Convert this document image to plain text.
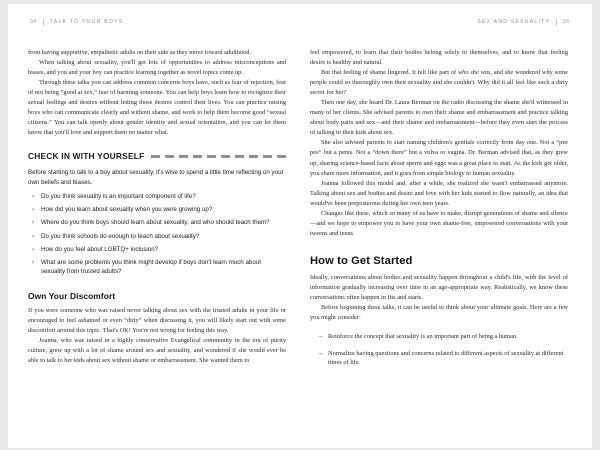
94	TALK TO YOUR BOYS	SEX AND SEXUALITY	95

from having supportive, empathetic adults on their side as they move toward adulthood.

When talking about sexuality, you'll get lots of opportunities to address misconceptions and biases, and you and your boy can practice learning together as novel topics come up.

Through these talks you can address common concerns boys have, such as fear of rejection, fear of not being “good at sex,” fear of harming someone. You can help boys learn how to recognize their sexual feelings and desires without letting those desires control their lives. You can practice raising boys who can communicate clearly and without shame, and work to help them become good “sexual citizens.” You can talk openly about gender identity and sexual orientation, and you can let them know that you'll love and support them no matter what.

CHECK IN WITH YOURSELF

Before starting to talk to a boy about sexuality, it's wise to spend a little time reflecting on your own beliefs and biases.

› Do you think sexuality is an important component of life?
› How did you learn about sexuality when you were growing up?
› Where do you think boys should learn about sexuality, and who should teach them?
› Do you think schools do enough to teach about sexuality?
› How do you feel about LGBTQ+ inclusion?
› What are some problems you think might develop if boys don't learn much about sexuality from trusted adults?
Own Your Discomfort

If you were someone who was raised never talking about sex with the trusted adults in your life or encouraged to feel ashamed or even “dirty” when discussing it, you will likely start out with some discomfort around this topic. That's OK! You're not wrong for feeling this way.

Joanna, who was raised in a highly conservative Evangelical community in the era of purity culture, grew up with a lot of shame around sex and sexuality, and wondered if she would ever be able to talk to her kids about sex without shame or embarrassment. She wanted them to

feel empowered, to learn that their bodies belong solely to themselves, and to know that feeling desire is healthy and natural.

But that feeling of shame lingered. It felt like part of who she was, and she wondered why some people could so thoroughly own their sexuality and she couldn't. Why did it all feel like such a dirty secret for her?

Then one day, she heard Dr. Laura Berman on the radio discussing the shame she'd witnessed in many of her clients. She advised parents to own their shame and embarrassment and practice talking about body parts and sex—and their shame and embarrassment—before they even start the process of talking to their kids about sex.

She also advised parents to start naming children's genitals correctly from day one. Not a “pee pee” but a penis. Not a “down there” but a vulva or vagina. Dr. Berman advised that, as they grew up, sharing science-based facts about sperm and eggs was a great place to start. As the kids get older, you share more information, and it goes from simple biology to human sexuality.

Joanna followed this model and, after a while, she realized she wasn't embarrassed anymore. Talking about sex and bodies and desire and love with her kids started to flow naturally, an idea that would've been preposterous during her own teen years.

Changes like these, which so many of us have to make, disrupt generations of shame and silence—and we hope to empower you to have your own shame-free, empowered conversations with your tweens and teens.

How to Get Started

Ideally, conversations about bodies and sexuality happen throughout a child's life, with the level of information gradually increasing over time in an age-appropriate way. Realistically, we know these conversations often happen in fits and starts.

Before beginning these talks, it can be useful to think about your ultimate goals. Here are a few you might consider:

→ Reinforce the concept that sexuality is an important part of being a human.
→ Normalize having questions and concerns related to different aspects of sexuality at different times of life.
